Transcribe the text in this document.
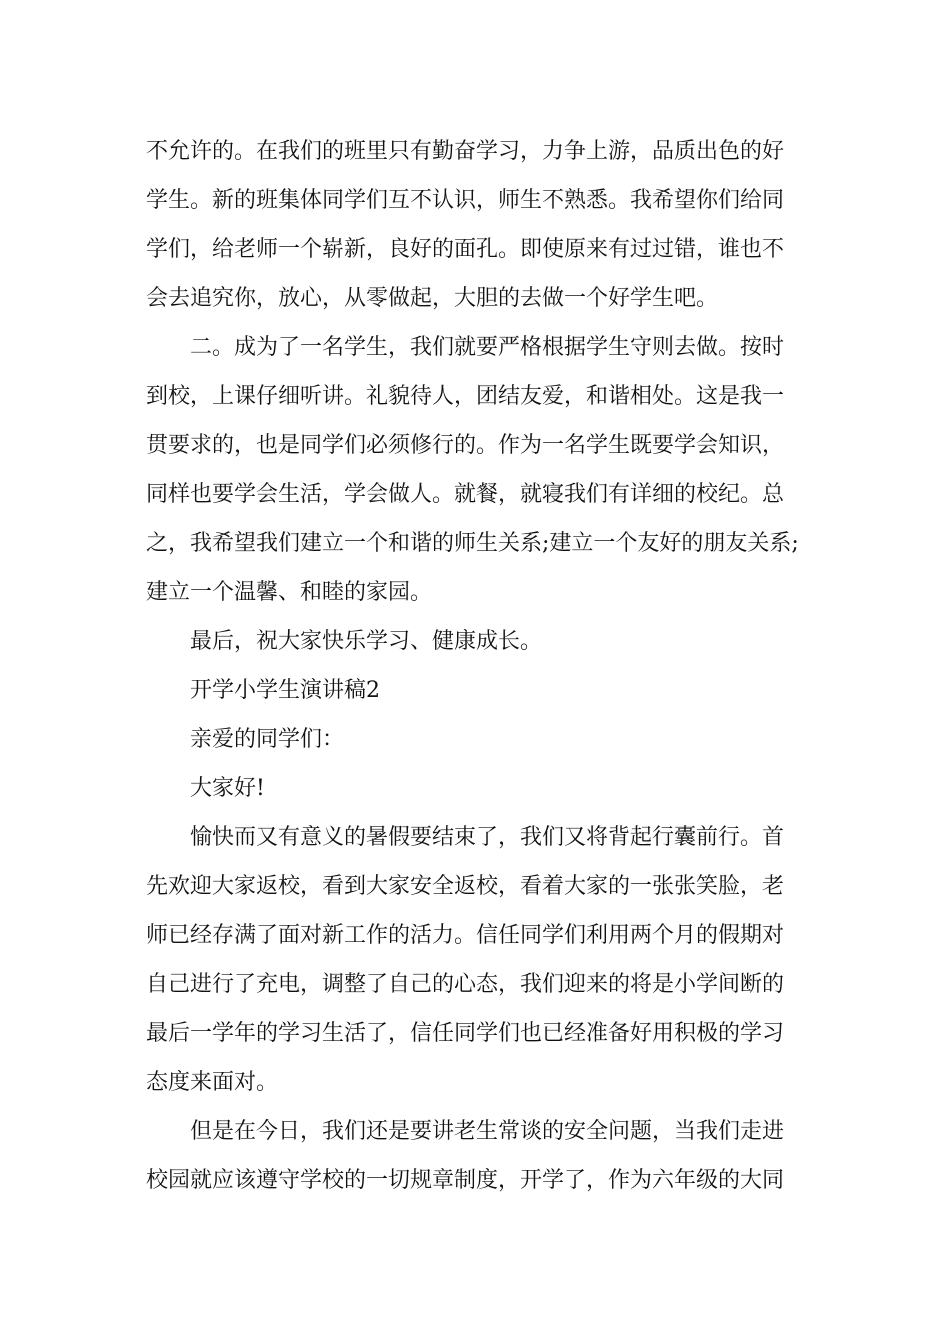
不允许的。在我们的班里只有勤奋学习，力争上游，品质出色的好
学生。新的班集体同学们互不认识，师生不熟悉。我希望你们给同
学们，给老师一个崭新，良好的面孔。即使原来有过过错，谁也不
会去追究你，放心，从零做起，大胆的去做一个好学生吧。
二。成为了一名学生，我们就要严格根据学生守则去做。按时
到校，上课仔细听讲。礼貌待人，团结友爱，和谐相处。这是我一
贯要求的，也是同学们必须修行的。作为一名学生既要学会知识，
同样也要学会生活，学会做人。就餐，就寝我们有详细的校纪。总
之，我希望我们建立一个和谐的师生关系;建立一个友好的朋友关系;
建立一个温馨、和睦的家园。
最后，祝大家快乐学习、健康成长。
开学小学生演讲稿2
亲爱的同学们：
大家好!
愉快而又有意义的暑假要结束了，我们又将背起行囊前行。首
先欢迎大家返校，看到大家安全返校，看着大家的一张张笑脸，老
师已经存满了面对新工作的活力。信任同学们利用两个月的假期对
自己进行了充电，调整了自己的心态，我们迎来的将是小学间断的
最后一学年的学习生活了，信任同学们也已经准备好用积极的学习
态度来面对。
但是在今日，我们还是要讲老生常谈的安全问题，当我们走进
校园就应该遵守学校的一切规章制度，开学了，作为六年级的大同
